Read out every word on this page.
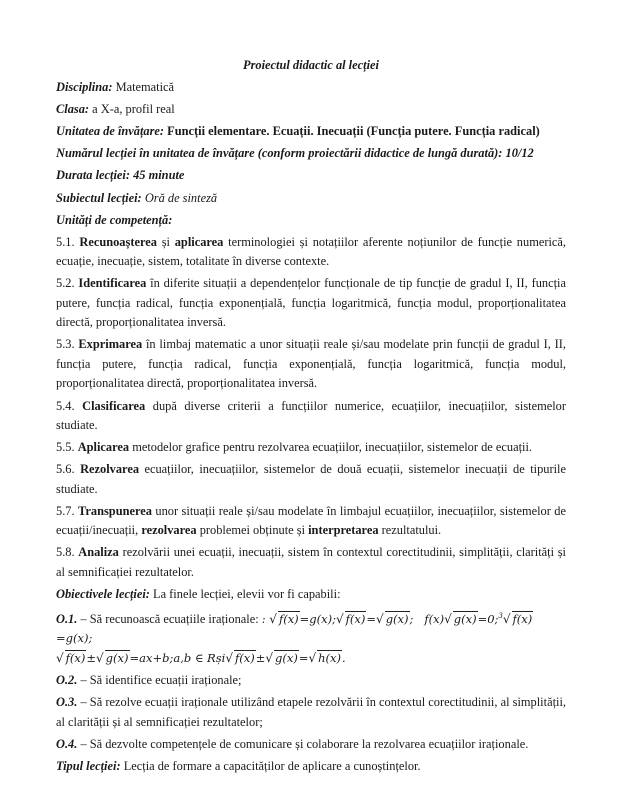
Proiectul didactic al lecției

Disciplina: Matematică

Clasa: a X-a, profil real

Unitatea de învățare: Funcții elementare. Ecuații. Inecuații (Funcția putere. Funcția radical)

Numărul lecției în unitatea de învățare (conform proiectării didactice de lungă durată): 10/12

Durata lecției: 45 minute

Subiectul lecției: Oră de sinteză

Unități de competență:

5.1. Recunoașterea și aplicarea terminologiei și notațiilor aferente noțiunilor de funcție numerică, ecuație, inecuație, sistem, totalitate în diverse contexte.

5.2. Identificarea în diferite situații a dependențelor funcționale de tip funcție de gradul I, II, funcția putere, funcția radical, funcția exponențială, funcția logaritmică, funcția modul, proporționalitatea directă, proporționalitatea inversă.

5.3. Exprimarea în limbaj matematic a unor situații reale și/sau modelate prin funcții de gradul I, II, funcția putere, funcția radical, funcția exponențială, funcția logaritmică, funcția modul, proporționalitatea directă, proporționalitatea inversă.

5.4. Clasificarea după diverse criterii a funcțiilor numerice, ecuațiilor, inecuațiilor, sistemelor studiate.

5.5. Aplicarea metodelor grafice pentru rezolvarea ecuațiilor, inecuațiilor, sistemelor de ecuații.

5.6. Rezolvarea ecuațiilor, inecuațiilor, sistemelor de două ecuații, sistemelor inecuații de tipurile studiate.

5.7. Transpunerea unor situații reale și/sau modelate în limbajul ecuațiilor, inecuațiilor, sistemelor de ecuații/inecuații, rezolvarea problemei obținute și interpretarea rezultatului.

5.8. Analiza rezolvării unei ecuații, inecuații, sistem în contextul corectitudinii, simplității, clarități și al semnificației rezultatelor.

Obiectivele lecției: La finele lecției, elevii vor fi capabili:

O.1. – Să recunoască ecuațiile iraționale: : √ f(x)=g(x);√ f(x)=√ g(x); f(x)√ g(x)=0;$^3$√ f(x)=g(x);
√ f(x)±√ g(x)=ax+b;a,b ∈ Rși√ f(x)±√ g(x)=√ h(x).

O.2. – Să identifice ecuații iraționale;

O.3. – Să rezolve ecuații iraționale utilizând etapele rezolvării în contextul corectitudinii, al simplității, al clarității și al semnificației rezultatelor;

O.4. – Să dezvolte competențele de comunicare și colaborare la rezolvarea ecuațiilor iraționale.

Tipul lecției: Lecția de formare a capacităților de aplicare a cunoștințelor.
